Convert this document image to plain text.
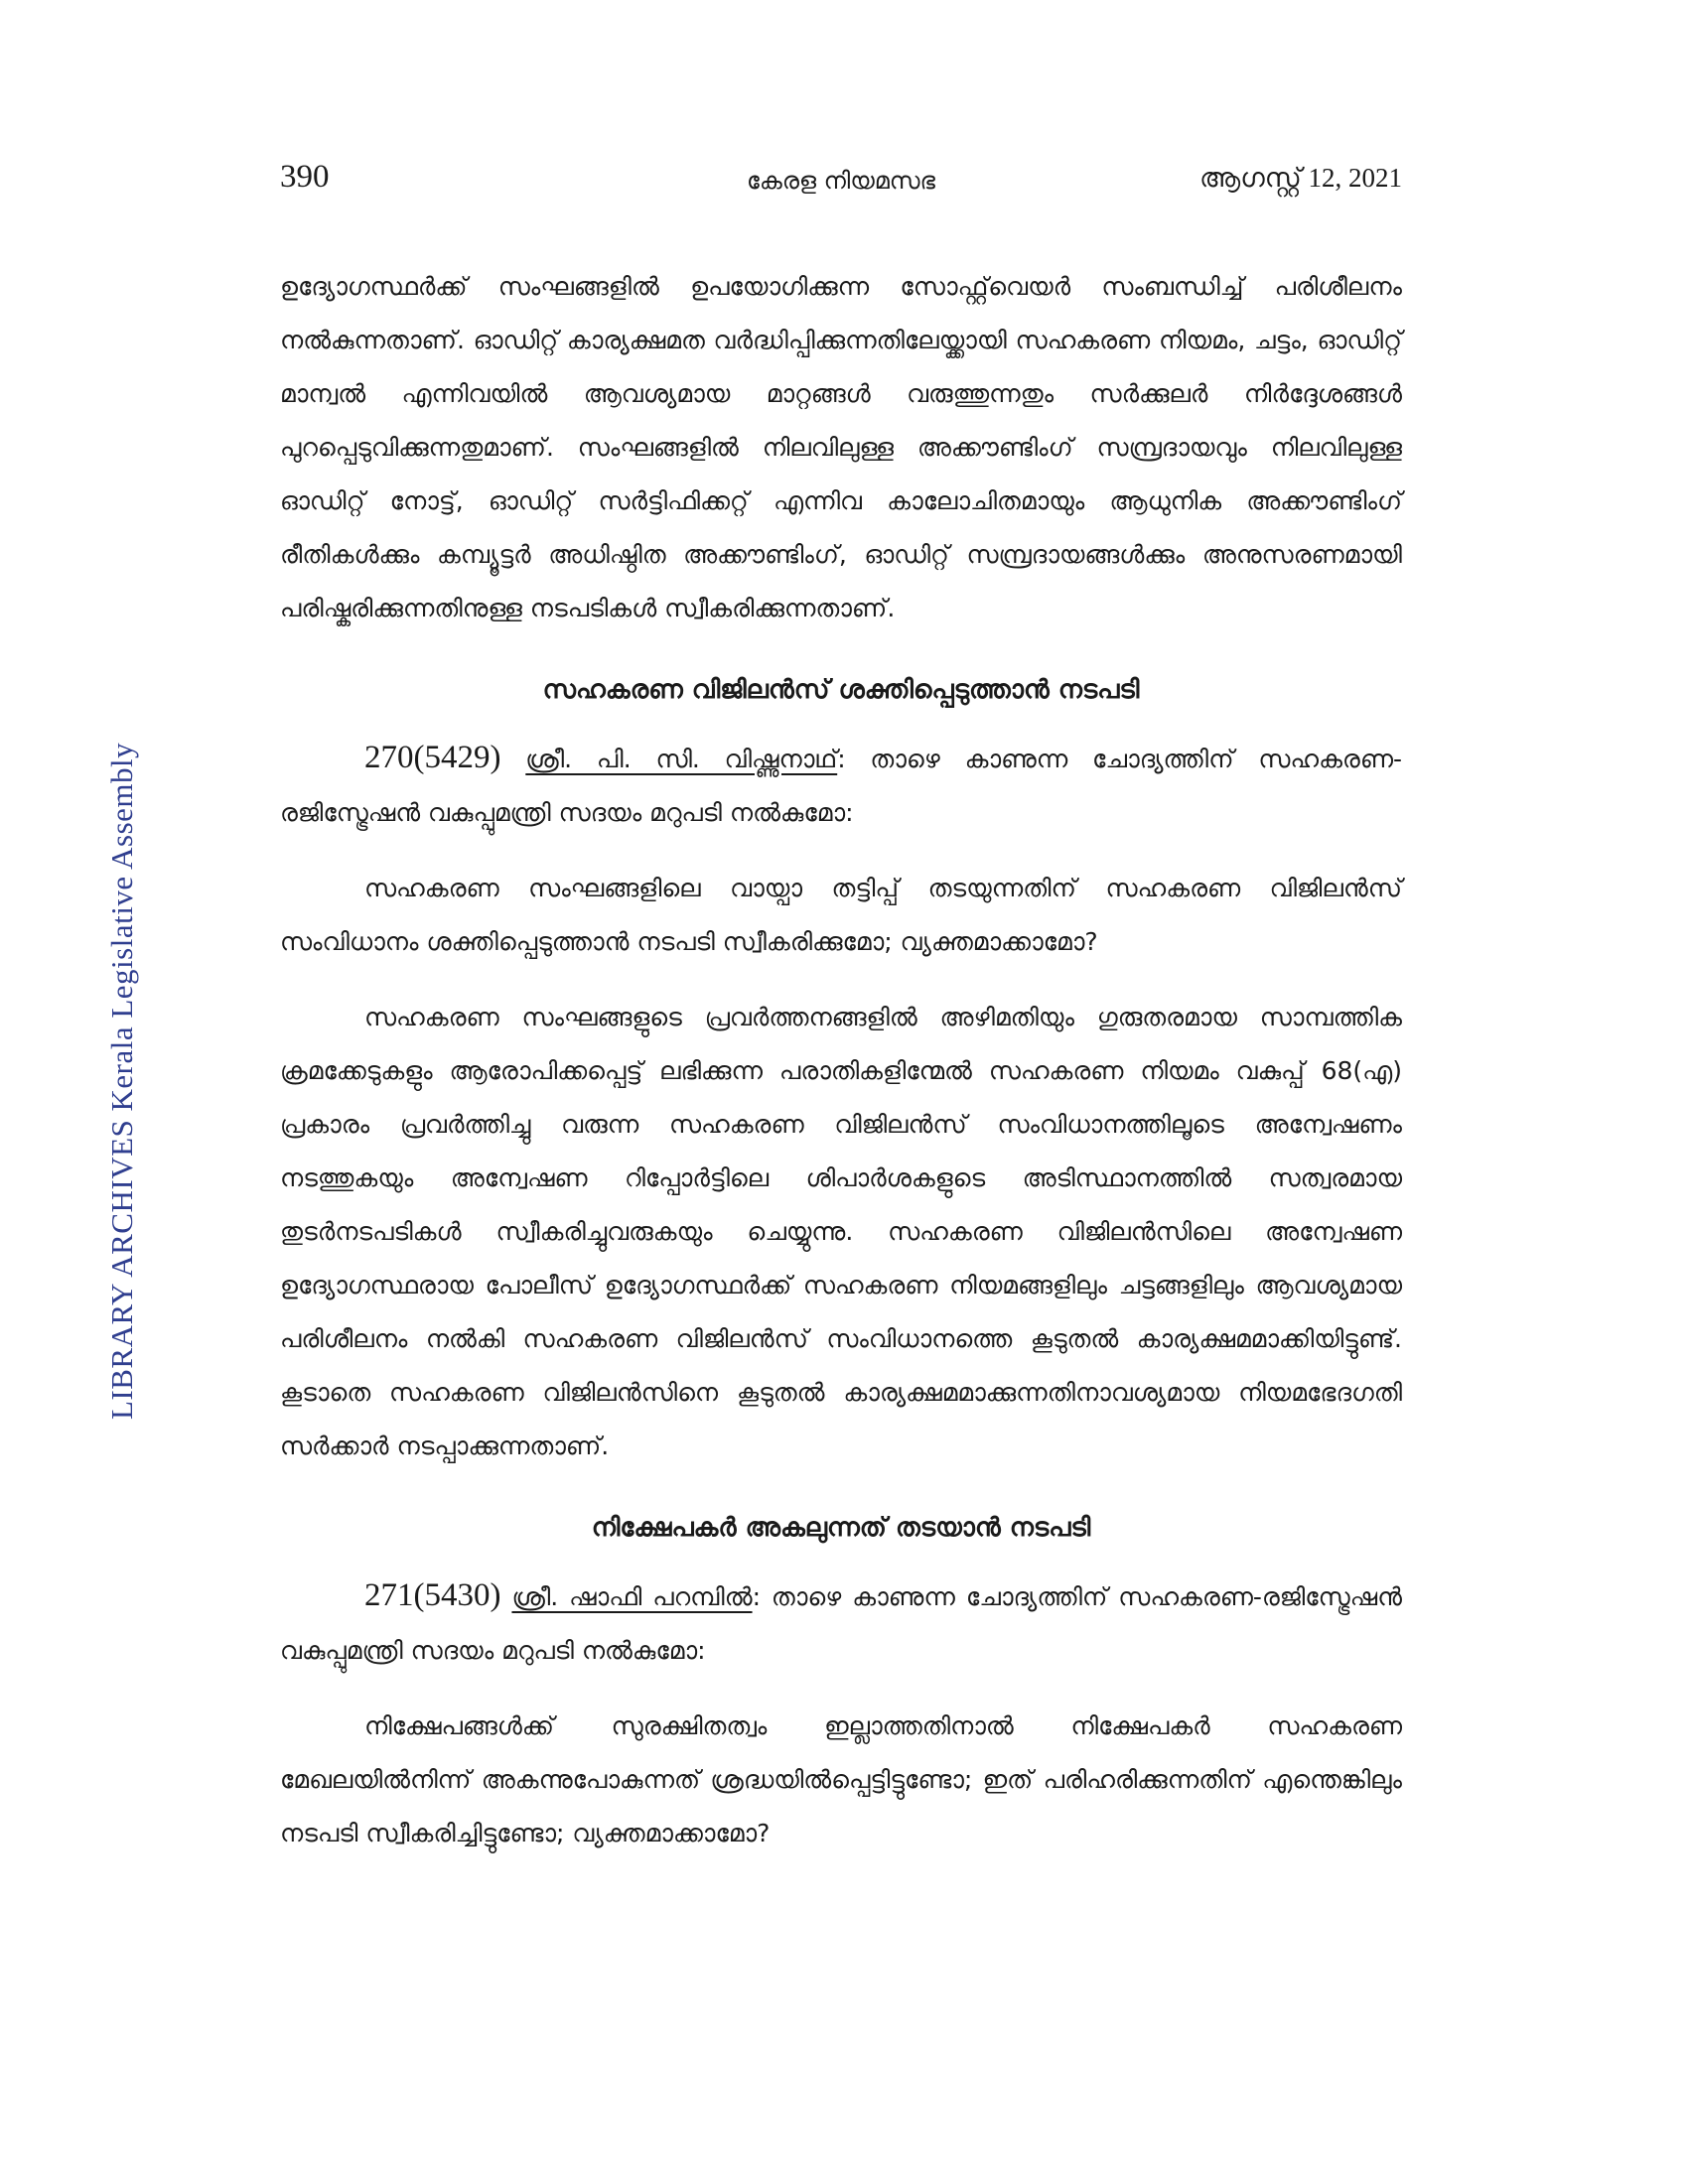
LIBRARY ARCHIVES Kerala Legislative Assembly
390	കേരള നിയമസഭ	ആഗസ്റ്റ് 12, 2021

ഉദ്യോഗസ്ഥർക്ക് സംഘങ്ങളിൽ ഉപയോഗിക്കുന്ന സോഫ്റ്റ്‌വെയർ സംബന്ധിച്ച് പരിശീലനം നൽകുന്നതാണ്. ഓഡിറ്റ് കാര്യക്ഷമത വർദ്ധിപ്പിക്കുന്നതിലേയ്ക്കായി സഹകരണ നിയമം, ചട്ടം, ഓഡിറ്റ് മാന്വൽ എന്നിവയിൽ ആവശ്യമായ മാറ്റങ്ങൾ വരുത്തുന്നതും സർക്കുലർ നിർദ്ദേശങ്ങൾ പുറപ്പെടുവിക്കുന്നതുമാണ്. സംഘങ്ങളിൽ നിലവിലുള്ള അക്കൗണ്ടിംഗ് സമ്പ്രദായവും നിലവിലുള്ള ഓഡിറ്റ് നോട്ട്, ഓഡിറ്റ് സർട്ടിഫിക്കറ്റ് എന്നിവ കാലോചിതമായും ആധുനിക അക്കൗണ്ടിംഗ് രീതികൾക്കും കമ്പ്യൂട്ടർ അധിഷ്ഠിത അക്കൗണ്ടിംഗ്, ഓഡിറ്റ് സമ്പ്രദായങ്ങൾക്കും അനുസരണമായി പരിഷ്കരിക്കുന്നതിനുള്ള നടപടികൾ സ്വീകരിക്കുന്നതാണ്.

സഹകരണ വിജിലൻസ് ശക്തിപ്പെടുത്താൻ നടപടി

270(5429) ശ്രീ. പി. സി. വിഷ്ണുനാഥ്: താഴെ കാണുന്ന ചോദ്യത്തിന് സഹകരണ-രജിസ്ട്രേഷൻ വകുപ്പുമന്ത്രി സദയം മറുപടി നൽകുമോ:

സഹകരണ സംഘങ്ങളിലെ വായ്പാ തട്ടിപ്പ് തടയുന്നതിന് സഹകരണ വിജിലൻസ് സംവിധാനം ശക്തിപ്പെടുത്താൻ നടപടി സ്വീകരിക്കുമോ; വ്യക്തമാക്കാമോ?

സഹകരണ സംഘങ്ങളുടെ പ്രവർത്തനങ്ങളിൽ അഴിമതിയും ഗുരുതരമായ സാമ്പത്തിക ക്രമക്കേടുകളും ആരോപിക്കപ്പെട്ട് ലഭിക്കുന്ന പരാതികളിന്മേൽ സഹകരണ നിയമം വകുപ്പ് 68(എ) പ്രകാരം പ്രവർത്തിച്ചു വരുന്ന സഹകരണ വിജിലൻസ് സംവിധാനത്തിലൂടെ അന്വേഷണം നടത്തുകയും അന്വേഷണ റിപ്പോർട്ടിലെ ശിപാർശകളുടെ അടിസ്ഥാനത്തിൽ സത്വരമായ തുടർനടപടികൾ സ്വീകരിച്ചുവരുകയും ചെയ്യുന്നു. സഹകരണ വിജിലൻസിലെ അന്വേഷണ ഉദ്യോഗസ്ഥരായ പോലീസ് ഉദ്യോഗസ്ഥർക്ക് സഹകരണ നിയമങ്ങളിലും ചട്ടങ്ങളിലും ആവശ്യമായ പരിശീലനം നൽകി സഹകരണ വിജിലൻസ് സംവിധാനത്തെ കൂടുതൽ കാര്യക്ഷമമാക്കിയിട്ടുണ്ട്. കൂടാതെ സഹകരണ വിജിലൻസിനെ കൂടുതൽ കാര്യക്ഷമമാക്കുന്നതിനാവശ്യമായ നിയമഭേദഗതി സർക്കാർ നടപ്പാക്കുന്നതാണ്.

നിക്ഷേപകർ അകലുന്നത് തടയാൻ നടപടി

271(5430) ശ്രീ. ഷാഫി പറമ്പിൽ: താഴെ കാണുന്ന ചോദ്യത്തിന് സഹകരണ-രജിസ്ട്രേഷൻ വകുപ്പുമന്ത്രി സദയം മറുപടി നൽകുമോ:

നിക്ഷേപങ്ങൾക്ക് സുരക്ഷിതത്വം ഇല്ലാത്തതിനാൽ നിക്ഷേപകർ സഹകരണ മേഖലയിൽനിന്ന് അകന്നുപോകുന്നത് ശ്രദ്ധയിൽപ്പെട്ടിട്ടുണ്ടോ; ഇത് പരിഹരിക്കുന്നതിന് എന്തെങ്കിലും നടപടി സ്വീകരിച്ചിട്ടുണ്ടോ; വ്യക്തമാക്കാമോ?
